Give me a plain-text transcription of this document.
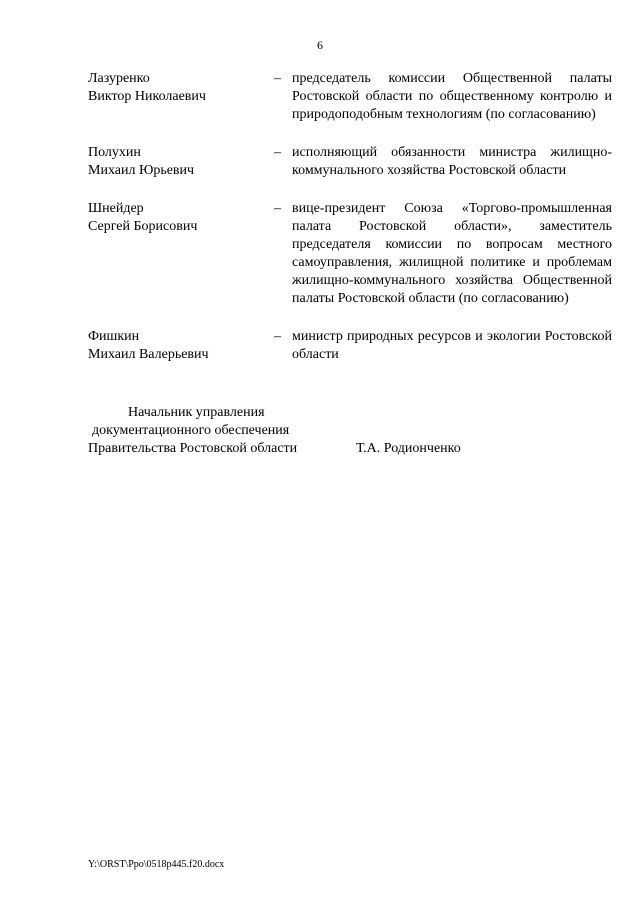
6
Лазуренко
Виктор Николаевич
– председатель комиссии Общественной палаты Ростовской области по общественному контролю и природоподобным технологиям (по согласованию)
Полухин
Михаил Юрьевич
– исполняющий обязанности министра жилищно-коммунального хозяйства Ростовской области
Шнейдер
Сергей Борисович
– вице-президент Союза «Торгово-промышленная палата Ростовской области», заместитель председателя комиссии по вопросам местного самоуправления, жилищной политике и проблемам жилищно-коммунального хозяйства Общественной палаты Ростовской области (по согласованию)
Фишкин
Михаил Валерьевич
– министр природных ресурсов и экологии Ростовской области
Начальник управления
документационного обеспечения
Правительства Ростовской области	Т.А. Родионченко
Y:\ORST\Ppo\0518p445.f20.docx
